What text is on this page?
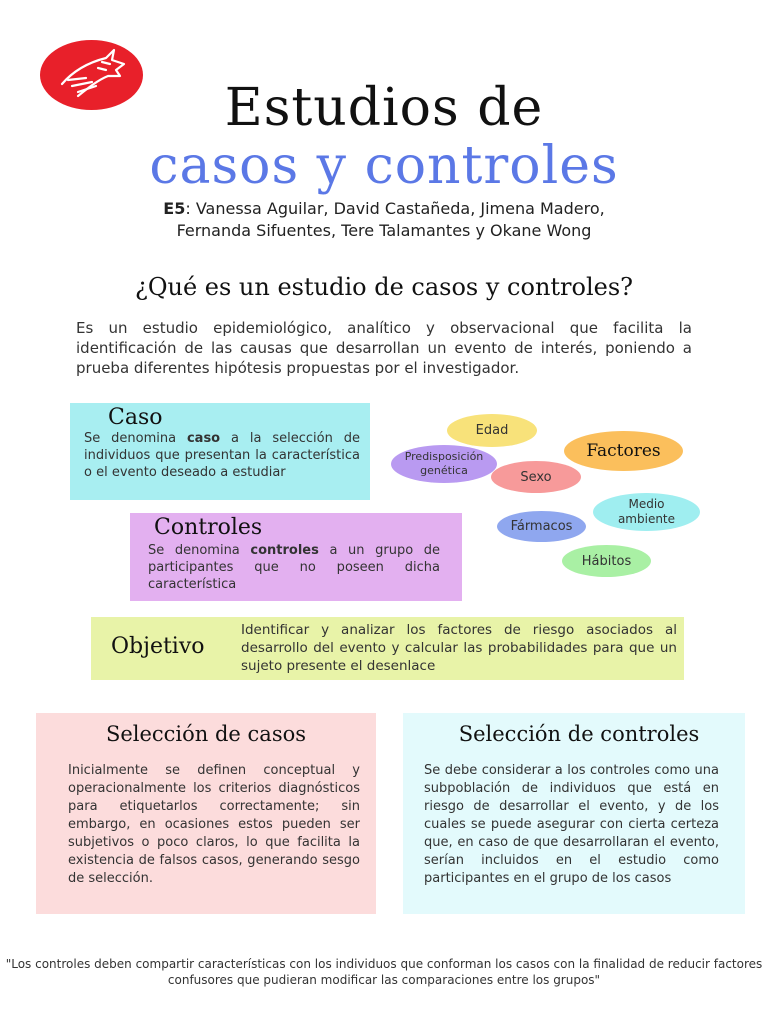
Estudios de
casos y controles
E5: Vanessa Aguilar, David Castañeda, Jimena Madero,
Fernanda Sifuentes, Tere Talamantes y Okane Wong
¿Qué es un estudio de casos y controles?
Es un estudio epidemiológico, analítico y observacional que facilita la identificación de las causas que desarrollan un evento de interés, poniendo a prueba diferentes hipótesis propuestas por el investigador.
Caso
Se denomina caso a la selección de individuos que presentan la característica o el evento deseado a estudiar
Controles
Se denomina controles a un grupo de participantes que no poseen dicha característica
Edad
Predisposición genética
Factores
Sexo
Medio ambiente
Fármacos
Hábitos
Objetivo
Identificar y analizar los factores de riesgo asociados al desarrollo del evento y calcular las probabilidades para que un sujeto presente el desenlace
Selección de casos
Inicialmente se definen conceptual y operacionalmente los criterios diagnósticos para etiquetarlos correctamente; sin embargo, en ocasiones estos pueden ser subjetivos o poco claros, lo que facilita la existencia de falsos casos, generando sesgo de selección.
Selección de controles
Se debe considerar a los controles como una subpoblación de individuos que está en riesgo de desarrollar el evento, y de los cuales se puede asegurar con cierta certeza que, en caso de que desarrollaran el evento, serían incluidos en el estudio como participantes en el grupo de los casos
"Los controles deben compartir características con los individuos que conforman los casos con la finalidad de reducir factores confusores que pudieran modificar las comparaciones entre los grupos"
